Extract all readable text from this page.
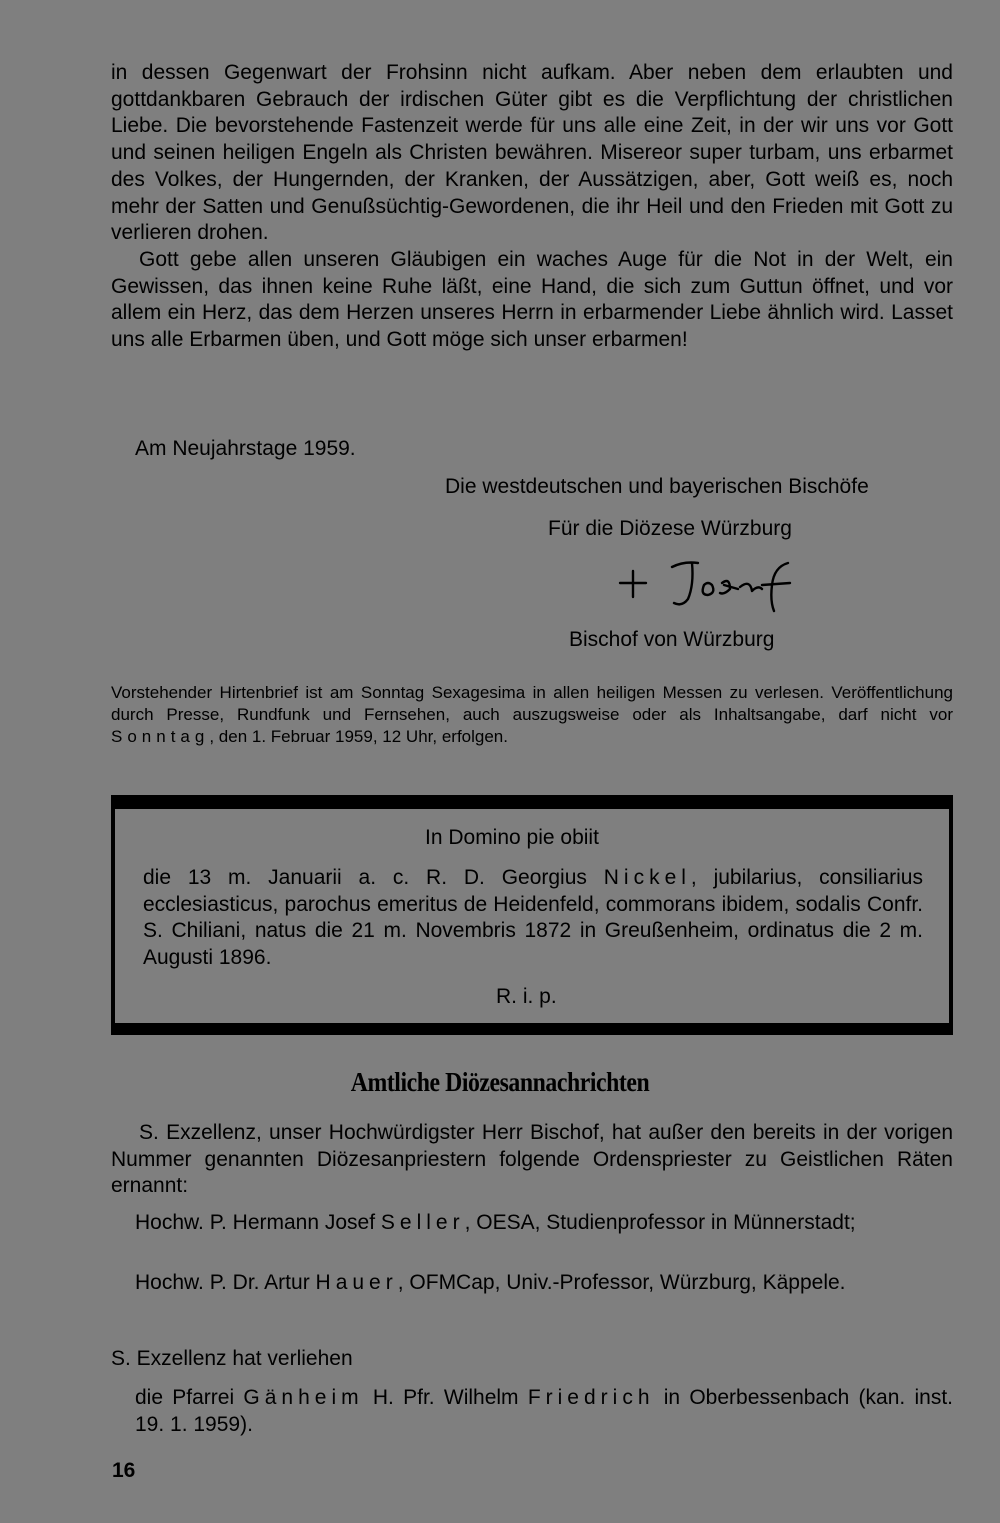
in dessen Gegenwart der Frohsinn nicht aufkam. Aber neben dem erlaubten und gottdankbaren Gebrauch der irdischen Güter gibt es die Verpflichtung der christlichen Liebe. Die bevorstehende Fastenzeit werde für uns alle eine Zeit, in der wir uns vor Gott und seinen heiligen Engeln als Christen bewähren. Misereor super turbam, uns erbarmet des Volkes, der Hungernden, der Kranken, der Aussätzigen, aber, Gott weiß es, noch mehr der Satten und Genußsüchtig-Gewordenen, die ihr Heil und den Frieden mit Gott zu verlieren drohen.

Gott gebe allen unseren Gläubigen ein waches Auge für die Not in der Welt, ein Gewissen, das ihnen keine Ruhe läßt, eine Hand, die sich zum Guttun öffnet, und vor allem ein Herz, das dem Herzen unseres Herrn in erbarmender Liebe ähnlich wird. Lasset uns alle Erbarmen üben, und Gott möge sich unser erbarmen!

Am Neujahrstage 1959.
Die westdeutschen und bayerischen Bischöfe
Für die Diözese Würzburg
Bischof von Würzburg
Vorstehender Hirtenbrief ist am Sonntag Sexagesima in allen heiligen Messen zu verlesen. Veröffentlichung durch Presse, Rundfunk und Fernsehen, auch auszugsweise oder als Inhaltsangabe, darf nicht vor Sonntag, den 1. Februar 1959, 12 Uhr, erfolgen.
die 13 m. Januarii a. c. R. D. Georgius Nickel, jubilarius, consiliarius ecclesiasticus, parochus emeritus de Heidenfeld, commorans ibidem, sodalis Confr. S. Chiliani, natus die 21 m. Novembris 1872 in Greußenheim, ordinatus die 2 m. Augusti 1896.
In Domino pie obiit
R. i. p.
Amtliche Diözesannachrichten

S. Exzellenz, unser Hochwürdigster Herr Bischof, hat außer den bereits in der vorigen Nummer genannten Diözesanpriestern folgende Ordenspriester zu Geistlichen Räten ernannt:

Hochw. P. Hermann Josef Seller, OESA, Studienprofessor in Münnerstadt;
Hochw. P. Dr. Artur Hauer, OFMCap, Univ.-Professor, Würzburg, Käppele.
S. Exzellenz hat verliehen
die Pfarrei Gänheim H. Pfr. Wilhelm Friedrich in Oberbessenbach (kan. inst. 19. 1. 1959).
16
